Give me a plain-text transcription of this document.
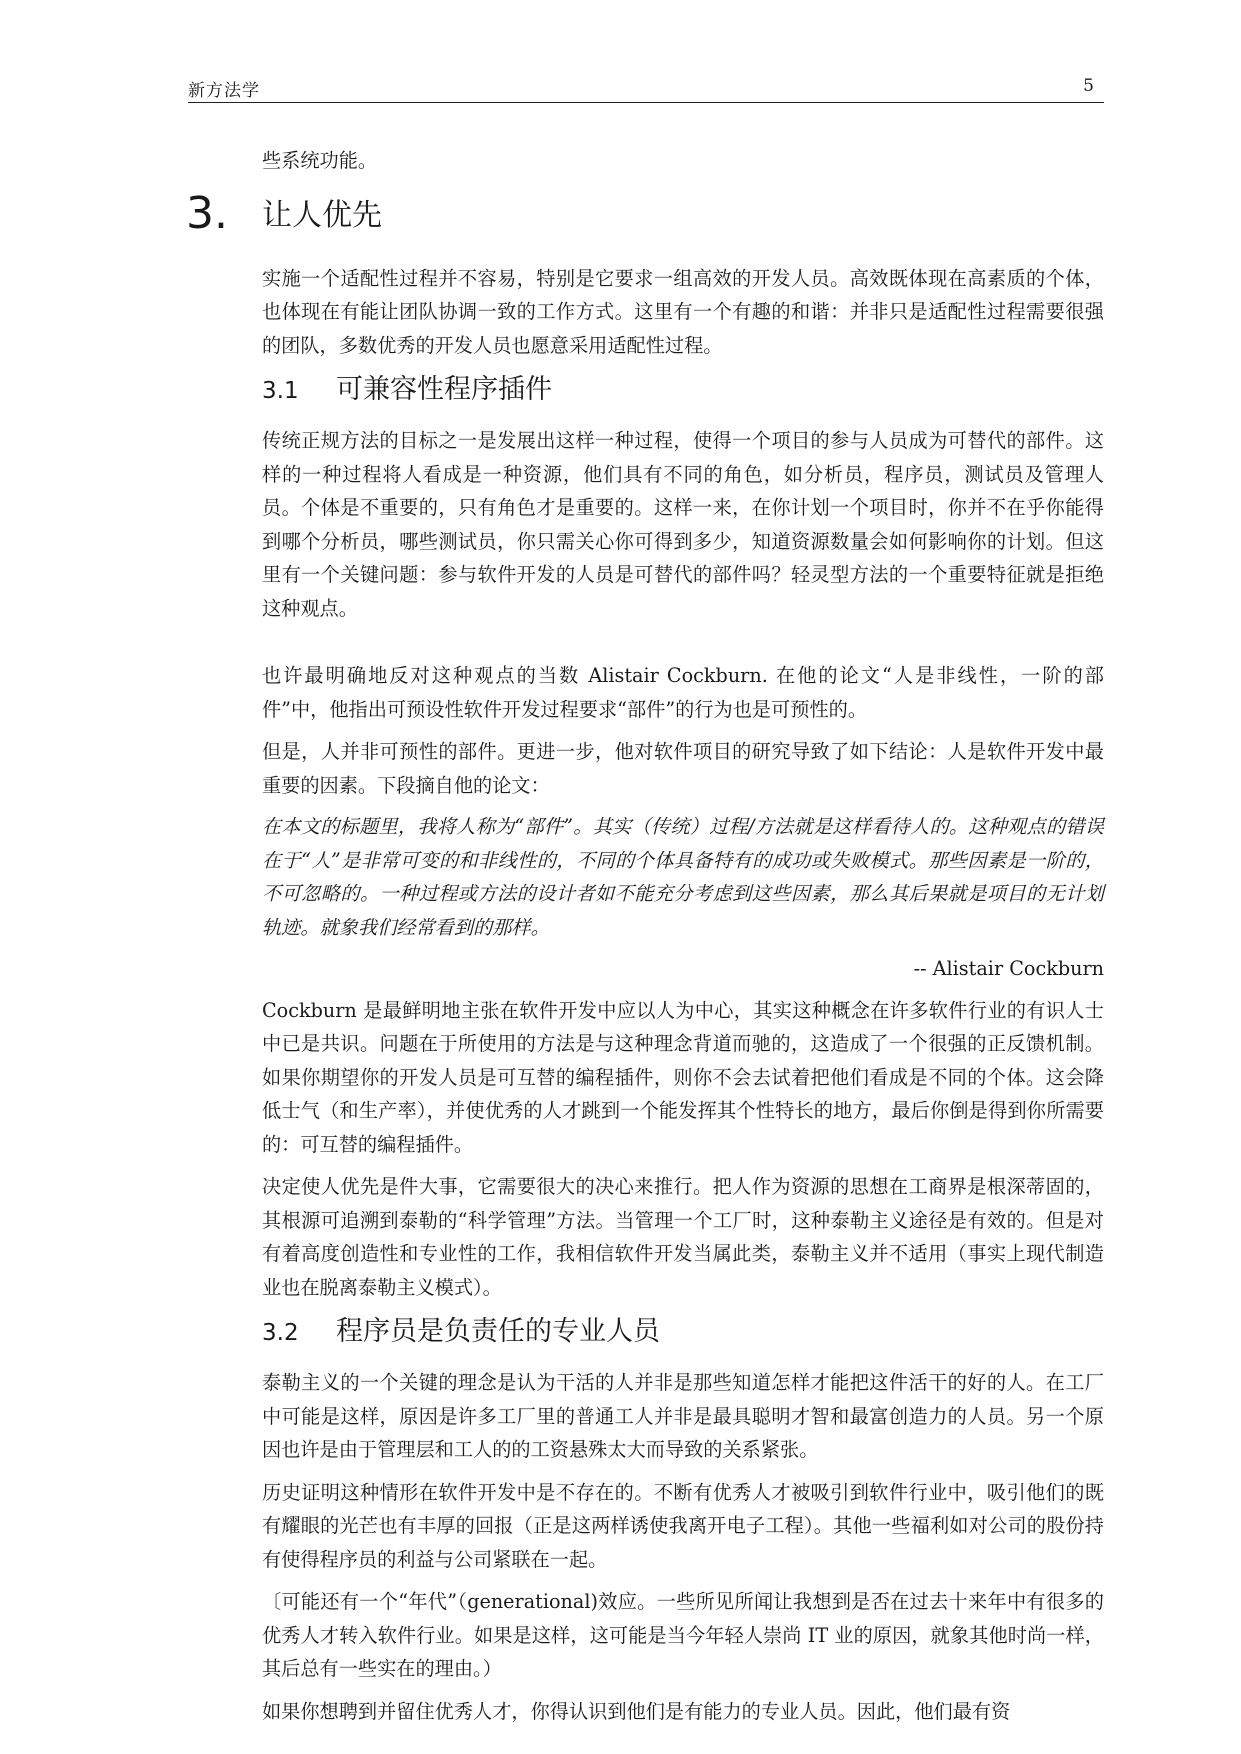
新方法学	5

些系统功能。

3. 让人优先

实施一个适配性过程并不容易，特别是它要求一组高效的开发人员。高效既体现在高素质的个体，也体现在有能让团队协调一致的工作方式。这里有一个有趣的和谐：并非只是适配性过程需要很强的团队，多数优秀的开发人员也愿意采用适配性过程。

3.1 可兼容性程序插件

传统正规方法的目标之一是发展出这样一种过程，使得一个项目的参与人员成为可替代的部件。这样的一种过程将人看成是一种资源，他们具有不同的角色，如分析员，程序员，测试员及管理人员。个体是不重要的，只有角色才是重要的。这样一来，在你计划一个项目时，你并不在乎你能得到哪个分析员，哪些测试员，你只需关心你可得到多少，知道资源数量会如何影响你的计划。但这里有一个关键问题：参与软件开发的人员是可替代的部件吗？轻灵型方法的一个重要特征就是拒绝这种观点。

也许最明确地反对这种观点的当数 Alistair Cockburn. 在他的论文“人是非线性，一阶的部件”中，他指出可预设性软件开发过程要求“部件”的行为也是可预性的。

但是，人并非可预性的部件。更进一步，他对软件项目的研究导致了如下结论：人是软件开发中最重要的因素。下段摘自他的论文：

在本文的标题里，我将人称为“部件”。其实（传统）过程/方法就是这样看待人的。这种观点的错误在于“人”是非常可变的和非线性的，不同的个体具备特有的成功或失败模式。那些因素是一阶的，不可忽略的。一种过程或方法的设计者如不能充分考虑到这些因素，那么其后果就是项目的无计划轨迹。就象我们经常看到的那样。

-- Alistair Cockburn

Cockburn 是最鲜明地主张在软件开发中应以人为中心，其实这种概念在许多软件行业的有识人士中已是共识。问题在于所使用的方法是与这种理念背道而驰的，这造成了一个很强的正反馈机制。如果你期望你的开发人员是可互替的编程插件，则你不会去试着把他们看成是不同的个体。这会降低士气（和生产率），并使优秀的人才跳到一个能发挥其个性特长的地方，最后你倒是得到你所需要的：可互替的编程插件。

决定使人优先是件大事，它需要很大的决心来推行。把人作为资源的思想在工商界是根深蒂固的，其根源可追溯到泰勒的“科学管理”方法。当管理一个工厂时，这种泰勒主义途径是有效的。但是对有着高度创造性和专业性的工作，我相信软件开发当属此类，泰勒主义并不适用（事实上现代制造业也在脱离泰勒主义模式）。

3.2 程序员是负责任的专业人员

泰勒主义的一个关键的理念是认为干活的人并非是那些知道怎样才能把这件活干的好的人。在工厂中可能是这样，原因是许多工厂里的普通工人并非是最具聪明才智和最富创造力的人员。另一个原因也许是由于管理层和工人的的工资悬殊太大而导致的关系紧张。

历史证明这种情形在软件开发中是不存在的。不断有优秀人才被吸引到软件行业中，吸引他们的既有耀眼的光芒也有丰厚的回报（正是这两样诱使我离开电子工程）。其他一些福利如对公司的股份持有使得程序员的利益与公司紧联在一起。

〔可能还有一个“年代”（generational)效应。一些所见所闻让我想到是否在过去十来年中有很多的优秀人才转入软件行业。如果是这样，这可能是当今年轻人崇尚 IT 业的原因，就象其他时尚一样，其后总有一些实在的理由。）

如果你想聘到并留住优秀人才，你得认识到他们是有能力的专业人员。因此，他们最有资
